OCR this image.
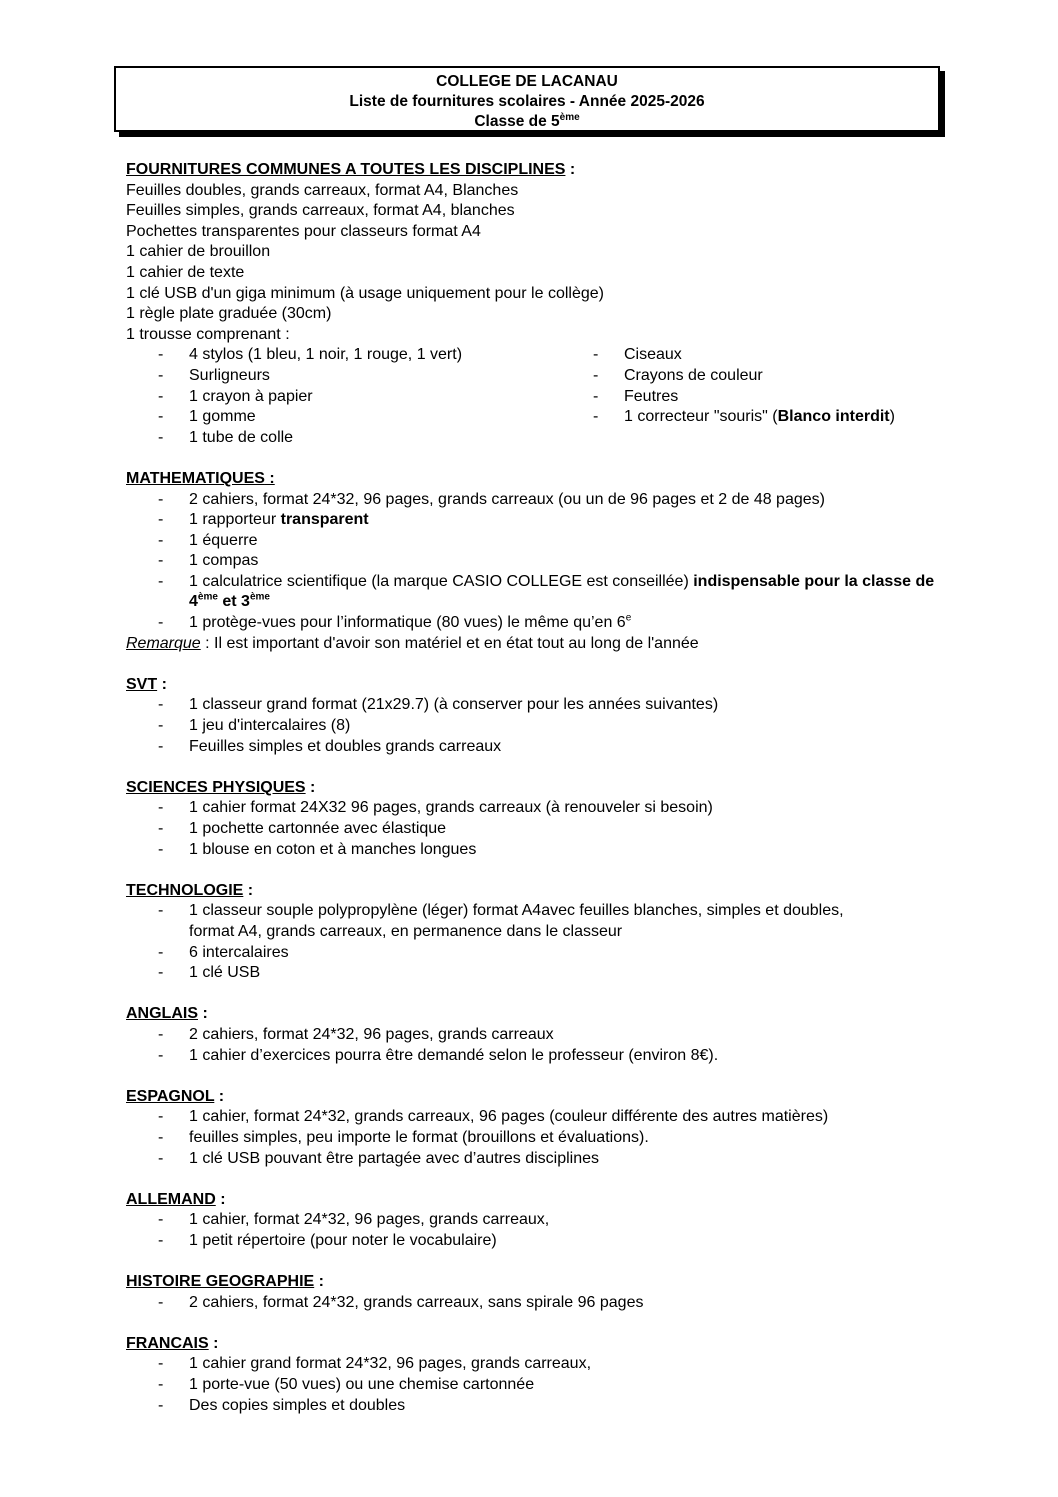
COLLEGE DE LACANAU
Liste de fournitures scolaires - Année 2025-2026
Classe de 5ème
FOURNITURES COMMUNES A TOUTES LES DISCIPLINES :
Feuilles doubles, grands carreaux, format A4, Blanches
Feuilles simples, grands carreaux, format A4, blanches
Pochettes transparentes pour classeurs format A4
1 cahier de brouillon
1 cahier de texte
1 clé USB d'un giga minimum (à usage uniquement pour le collège)
1 règle plate graduée (30cm)
1 trousse comprenant :
- 4 stylos (1 bleu, 1 noir, 1 rouge, 1 vert)
- Surligneurs
- 1 crayon à papier
- 1 gomme
- 1 tube de colle
- Ciseaux
- Crayons de couleur
- Feutres
- 1 correcteur "souris" (Blanco interdit)
MATHEMATIQUES :
- 2 cahiers, format 24*32, 96 pages, grands carreaux (ou un de 96 pages et 2 de 48 pages)
- 1 rapporteur transparent
- 1 équerre
- 1 compas
- 1 calculatrice scientifique (la marque CASIO COLLEGE est conseillée) indispensable pour la classe de 4ème et 3ème
- 1 protège-vues pour l’informatique (80 vues) le même qu’en 6e
Remarque : Il est important d'avoir son matériel et en état tout au long de l'année
SVT :
- 1 classeur grand format (21x29.7) (à conserver pour les années suivantes)
- 1 jeu d'intercalaires (8)
- Feuilles simples et doubles grands carreaux
SCIENCES PHYSIQUES :
- 1 cahier format 24X32 96 pages, grands carreaux (à renouveler si besoin)
- 1 pochette cartonnée avec élastique
- 1 blouse en coton et à manches longues
TECHNOLOGIE :
- 1 classeur souple polypropylène (léger) format A4avec feuilles blanches, simples et doubles,
format A4, grands carreaux, en permanence dans le classeur
- 6 intercalaires
- 1 clé USB
ANGLAIS :
- 2 cahiers, format 24*32, 96 pages, grands carreaux
- 1 cahier d’exercices pourra être demandé selon le professeur (environ 8€).
ESPAGNOL :
- 1 cahier, format 24*32, grands carreaux, 96 pages (couleur différente des autres matières)
- feuilles simples, peu importe le format (brouillons et évaluations).
- 1 clé USB pouvant être partagée avec d’autres disciplines
ALLEMAND :
- 1 cahier, format 24*32, 96 pages, grands carreaux,
- 1 petit répertoire (pour noter le vocabulaire)
HISTOIRE GEOGRAPHIE :
- 2 cahiers, format 24*32, grands carreaux, sans spirale 96 pages
FRANCAIS :
- 1 cahier grand format 24*32, 96 pages, grands carreaux,
- 1 porte-vue (50 vues) ou une chemise cartonnée
- Des copies simples et doubles
